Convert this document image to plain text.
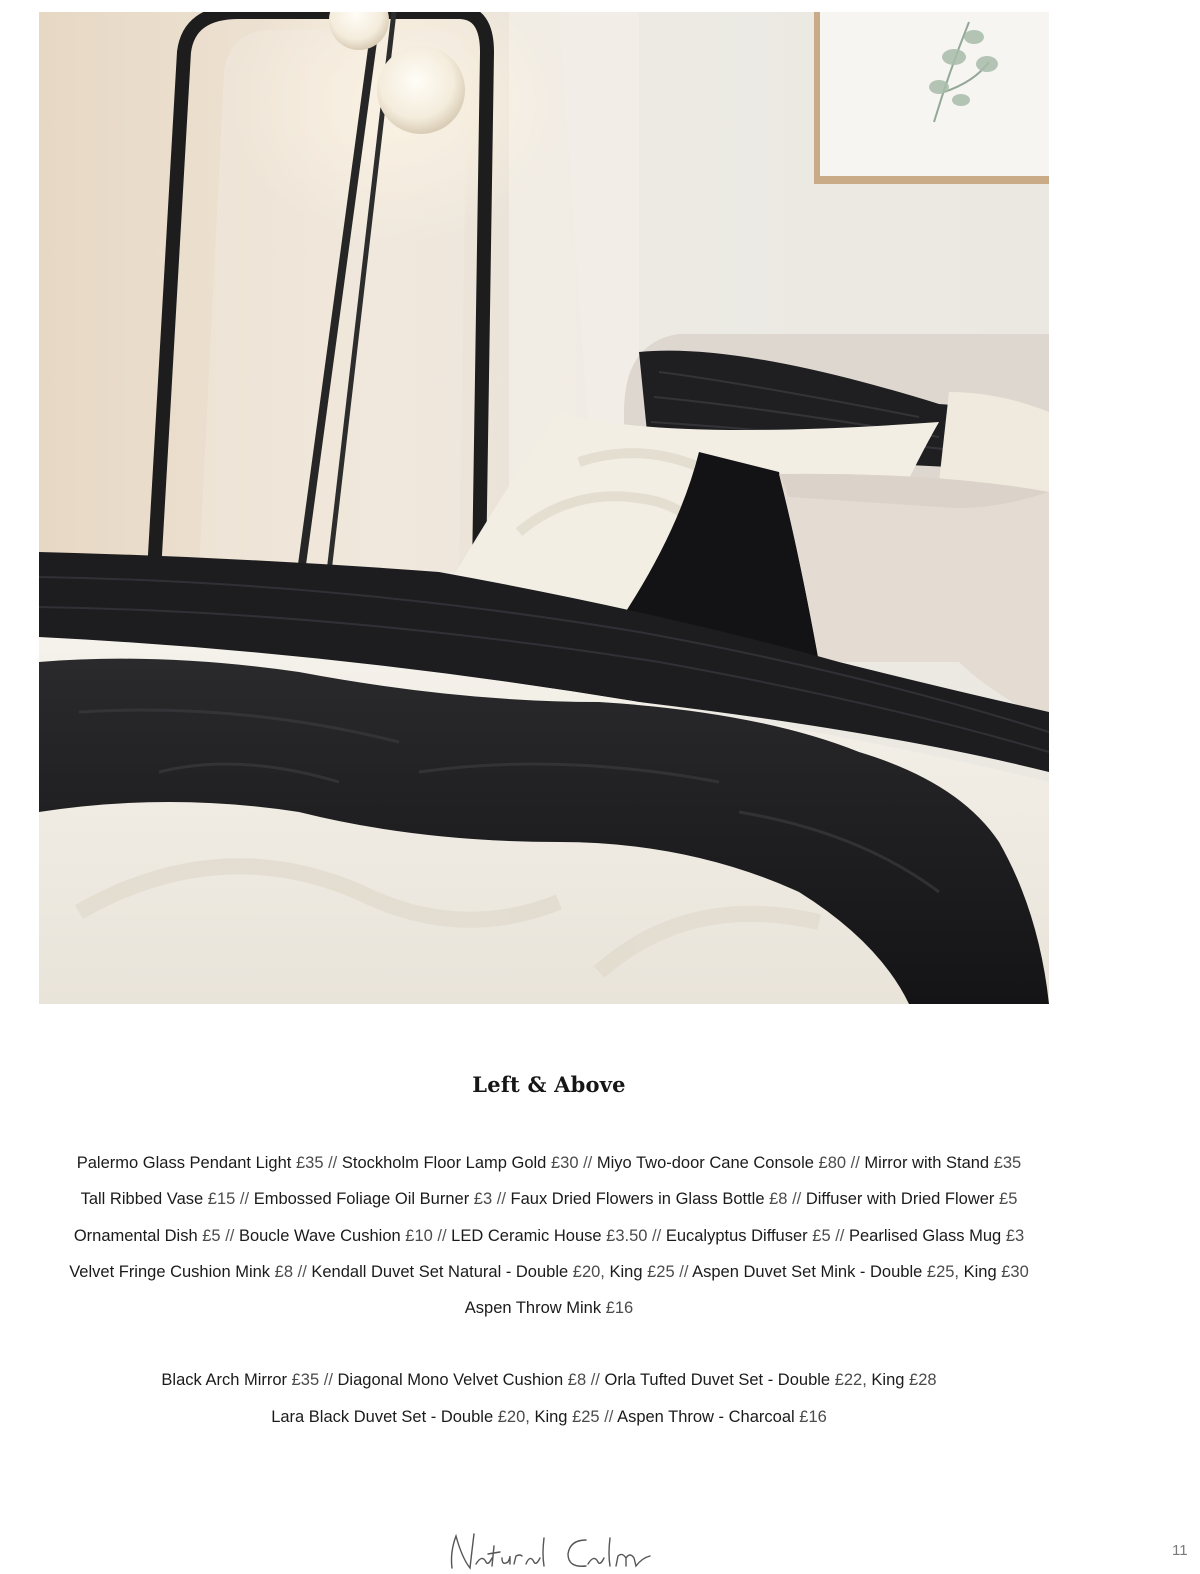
Left & Above
Palermo Glass Pendant Light £35 // Stockholm Floor Lamp Gold £30 // Miyo Two-door Cane Console £80 // Mirror with Stand £35
Tall Ribbed Vase £15 // Embossed Foliage Oil Burner £3 // Faux Dried Flowers in Glass Bottle £8 // Diffuser with Dried Flower £5
Ornamental Dish £5 // Boucle Wave Cushion £10 // LED Ceramic House £3.50 // Eucalyptus Diffuser £5 // Pearlised Glass Mug £3
Velvet Fringe Cushion Mink £8 // Kendall Duvet Set Natural - Double £20, King £25 // Aspen Duvet Set Mink - Double £25, King £30
Aspen Throw Mink £16
Black Arch Mirror £35 // Diagonal Mono Velvet Cushion £8 // Orla Tufted Duvet Set - Double £22, King £28
Lara Black Duvet Set - Double £20, King £25 // Aspen Throw - Charcoal £16
11
